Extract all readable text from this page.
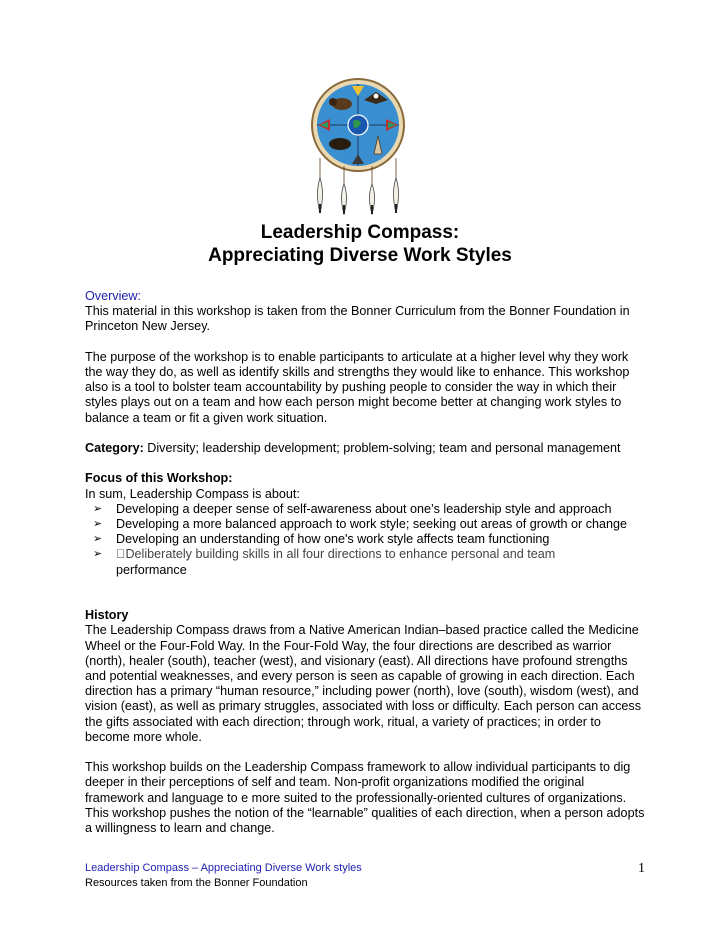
Leadership Compass:
Appreciating Diverse Work Styles

Overview:

This material in this workshop is taken from the Bonner Curriculum from the Bonner Foundation in Princeton New Jersey.

The purpose of the workshop is to enable participants to articulate at a higher level why they work the way they do, as well as identify skills and strengths they would like to enhance. This workshop also is a tool to bolster team accountability by pushing people to consider the way in which their styles plays out on a team and how each person might become better at changing work styles to balance a team or fit a given work situation.

Category: Diversity; leadership development; problem-solving; team and personal management

Focus of this Workshop:

In sum, Leadership Compass is about:

➢ Developing a deeper sense of self-awareness about one’s leadership style and approach
➢ Developing a more balanced approach to work style; seeking out areas of growth or change
➢ Developing an understanding of how one's work style affects team functioning
➢ Deliberately building skills in all four directions to enhance personal and team
performance

History

The Leadership Compass draws from a Native American Indian–based practice called the Medicine Wheel or the Four-Fold Way. In the Four-Fold Way, the four directions are described as warrior (north), healer (south), teacher (west), and visionary (east). All directions have profound strengths and potential weaknesses, and every person is seen as capable of growing in each direction. Each direction has a primary “human resource,” including power (north), love (south), wisdom (west), and vision (east), as well as primary struggles, associated with loss or difficulty. Each person can access the gifts associated with each direction; through work, ritual, a variety of practices; in order to become more whole.

This workshop builds on the Leadership Compass framework to allow individual participants to dig deeper in their perceptions of self and team. Non-profit organizations modified the original framework and language to e more suited to the professionally-oriented cultures of organizations. This workshop pushes the notion of the “learnable” qualities of each direction, when a person adopts a willingness to learn and change.

Leadership Compass – Appreciating Diverse Work styles
Resources taken from the Bonner Foundation
1
